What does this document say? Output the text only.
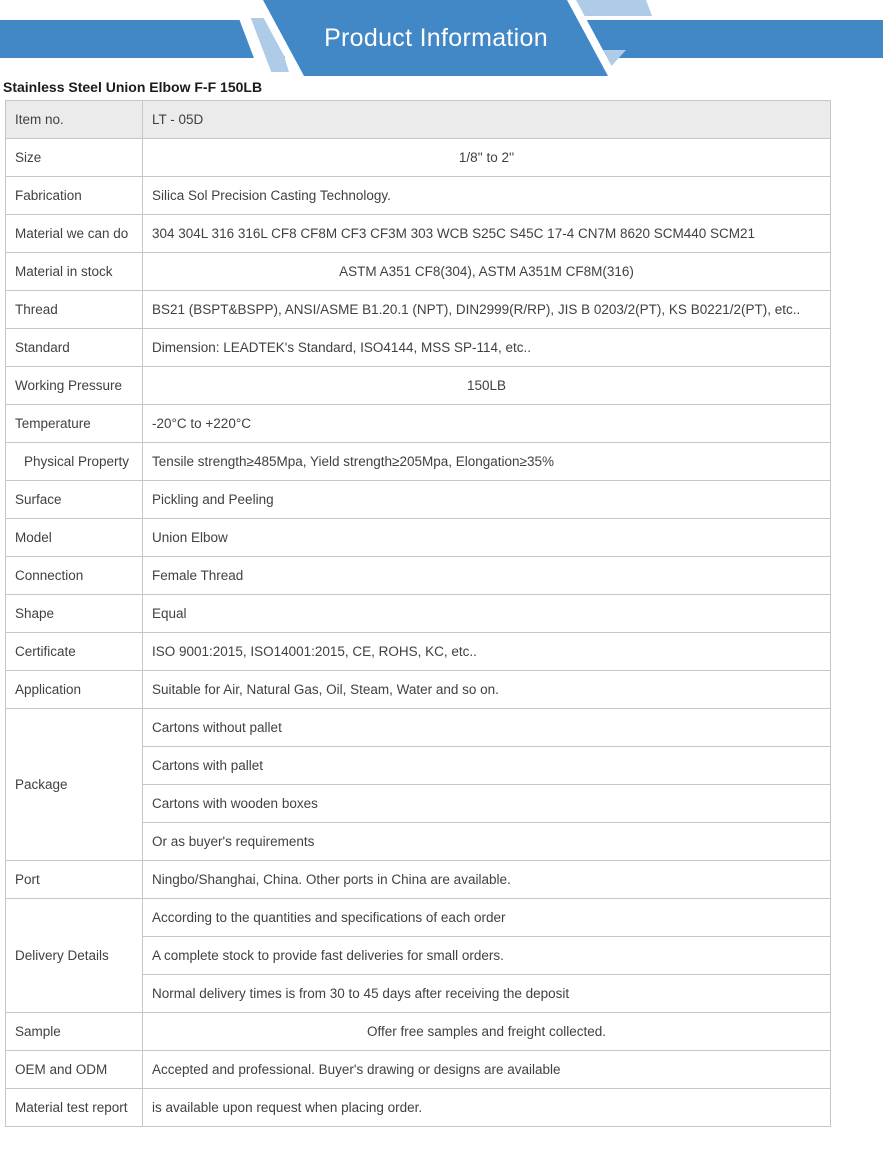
Product Information
Stainless Steel Union Elbow F-F 150LB
Item no.	LT - 05D
Size	1/8'' to 2''
Fabrication	Silica Sol Precision Casting Technology.
Material we can do	304 304L 316 316L CF8 CF8M CF3 CF3M 303 WCB S25C S45C 17-4 CN7M 8620 SCM440 SCM21
Material in stock	ASTM A351 CF8(304), ASTM A351M CF8M(316)
Thread	BS21 (BSPT&BSPP), ANSI/ASME B1.20.1 (NPT), DIN2999(R/RP), JIS B 0203/2(PT), KS B0221/2(PT), etc..
Standard	Dimension: LEADTEK's Standard, ISO4144, MSS SP-114, etc..
Working Pressure	150LB
Temperature	-20°C to +220°C
Physical Property	Tensile strength≥485Mpa, Yield strength≥205Mpa, Elongation≥35%
Surface	Pickling and Peeling
Model	Union Elbow
Connection	Female Thread
Shape	Equal
Certificate	ISO 9001:2015, ISO14001:2015, CE, ROHS, KC, etc..
Application	Suitable for Air, Natural Gas, Oil, Steam, Water and so on.
Package	Cartons without pallet
	Cartons with pallet
	Cartons with wooden boxes
	Or as buyer's requirements
Port	Ningbo/Shanghai, China. Other ports in China are available.
Delivery Details	According to the quantities and specifications of each order
	A complete stock to provide fast deliveries for small orders.
	Normal delivery times is from 30 to 45 days after receiving the deposit
Sample	Offer free samples and freight collected.
OEM and ODM	Accepted and professional. Buyer's drawing or designs are available
Material test report	is available upon request when placing order.
